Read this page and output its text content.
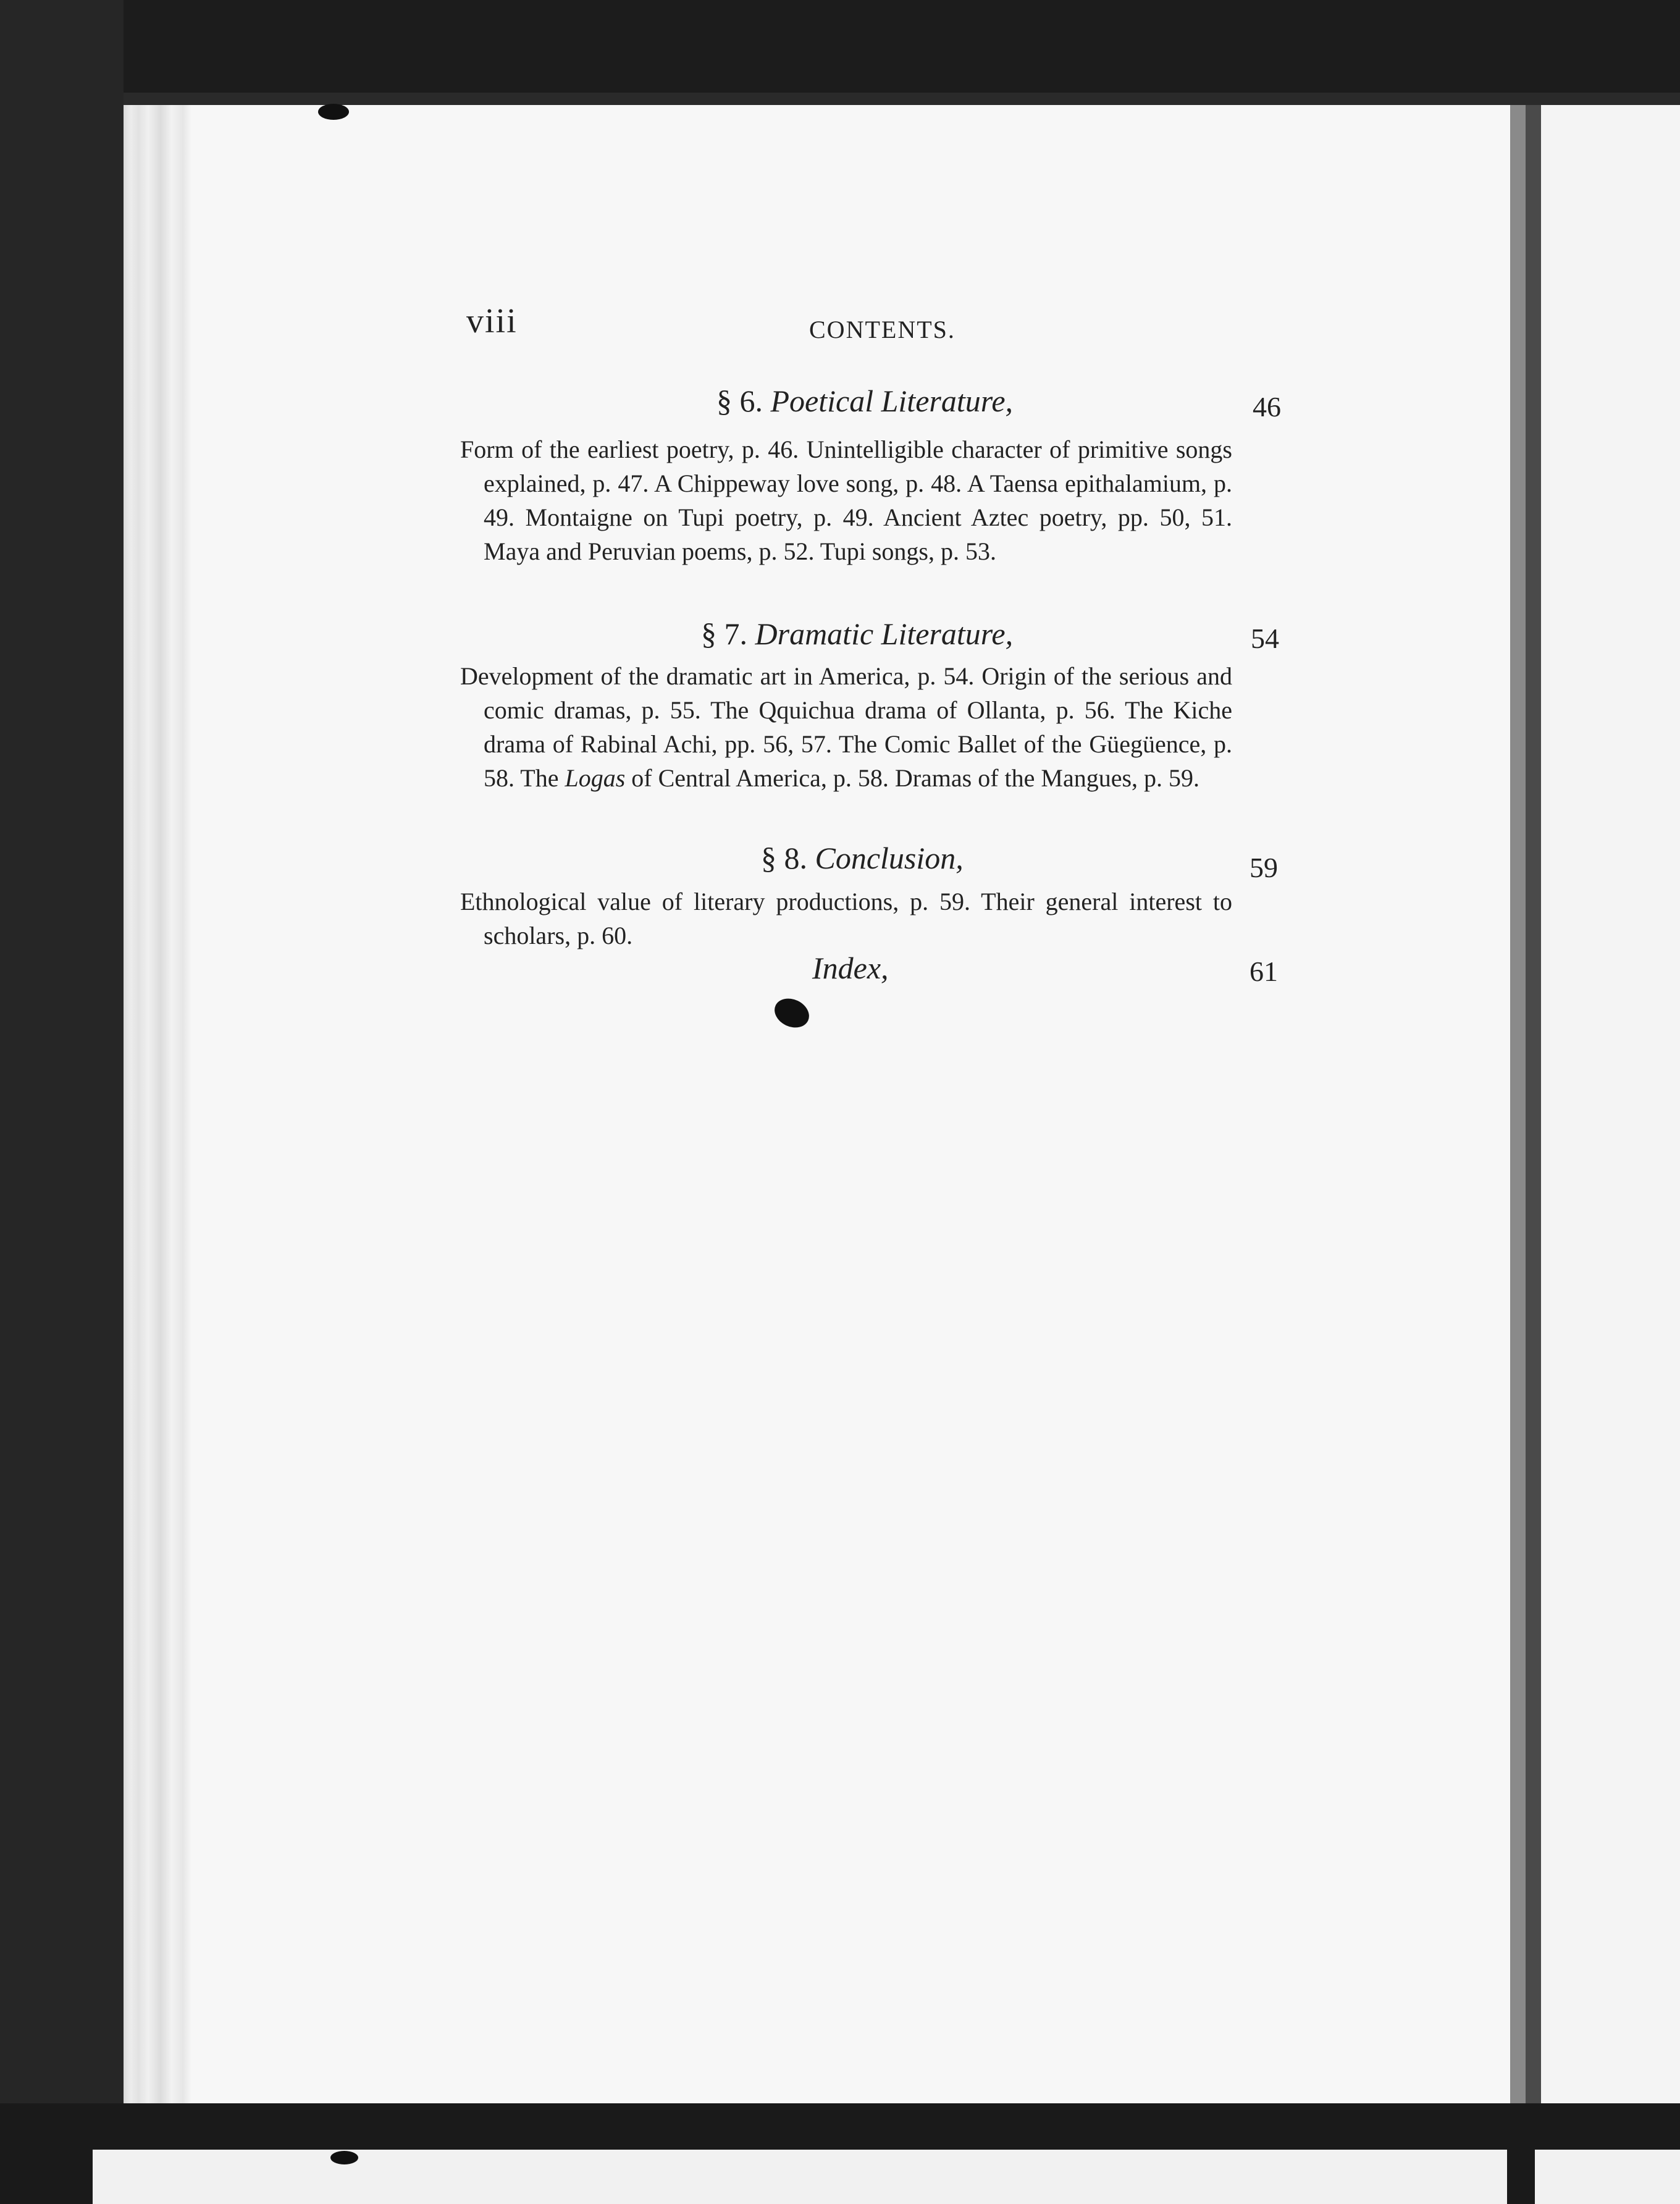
viii	CONTENTS.
§ 6. Poetical Literature,	46
Form of the earliest poetry, p. 46. Unintelligible character of primitive songs explained, p. 47. A Chippeway love song, p. 48. A Taensa epithalamium, p. 49. Montaigne on Tupi poetry, p. 49. Ancient Aztec poetry, pp. 50, 51. Maya and Peruvian poems, p. 52. Tupi songs, p. 53.
§ 7. Dramatic Literature,	54
Development of the dramatic art in America, p. 54. Origin of the serious and comic dramas, p. 55. The Qquichua drama of Ollanta, p. 56. The Kiche drama of Rabinal Achi, pp. 56, 57. The Comic Ballet of the Güegüence, p. 58. The Logas of Central America, p. 58. Dramas of the Mangues, p. 59.
§ 8. Conclusion,	59
Ethnological value of literary productions, p. 59. Their general interest to scholars, p. 60.
Index,	61
